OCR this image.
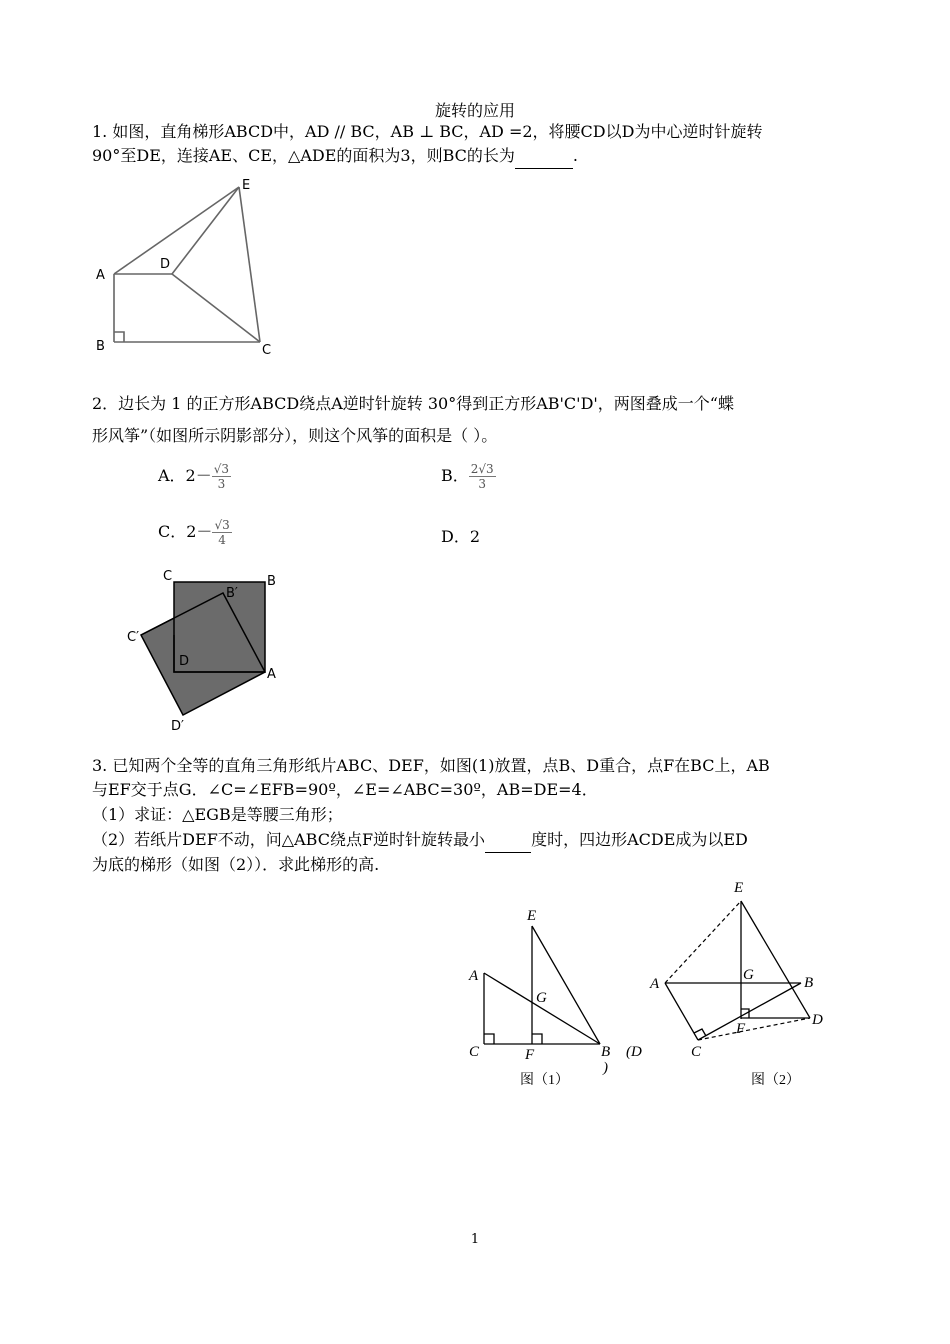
旋转的应用
1. 如图，直角梯形ABCD中，AD // BC，AB ⊥ BC，AD =2，将腰CD以D为中心逆时针旋转
90°至DE，连接AE、CE，△ADE的面积为3，则BC的长为	.
A
B	C
D
E
2．边长为 1 的正方形ABCD绕点A逆时针旋转 30°得到正方形AB'C'D'，两图叠成一个“蝶
形风筝”（如图所示阴影部分），则这个风筝的面积是（ ）。
A．$2- \frac{√3}{3}$	B． $\frac{2√3}{3}$
C．$2- \frac{√3}{4}$	D．2
C	B
B′
C′
D
A
D′
3. 已知两个全等的直角三角形纸片ABC、DEF，如图(1)放置，点B、D重合，点F在BC上，AB
与EF交于点G．∠C=∠EFB=90º，∠E=∠ABC=30º，AB=DE=4．
（1）求证：△EGB是等腰三角形；
（2）若纸片DEF不动，问△ABC绕点F逆时针旋转最小	度时，四边形ACDE成为以ED
为底的梯形（如图（2））．求此梯形的高.
E
A
G
C	F	B (D
)
图（1）
E
A
G	B
F
D
C
图（2）
1
